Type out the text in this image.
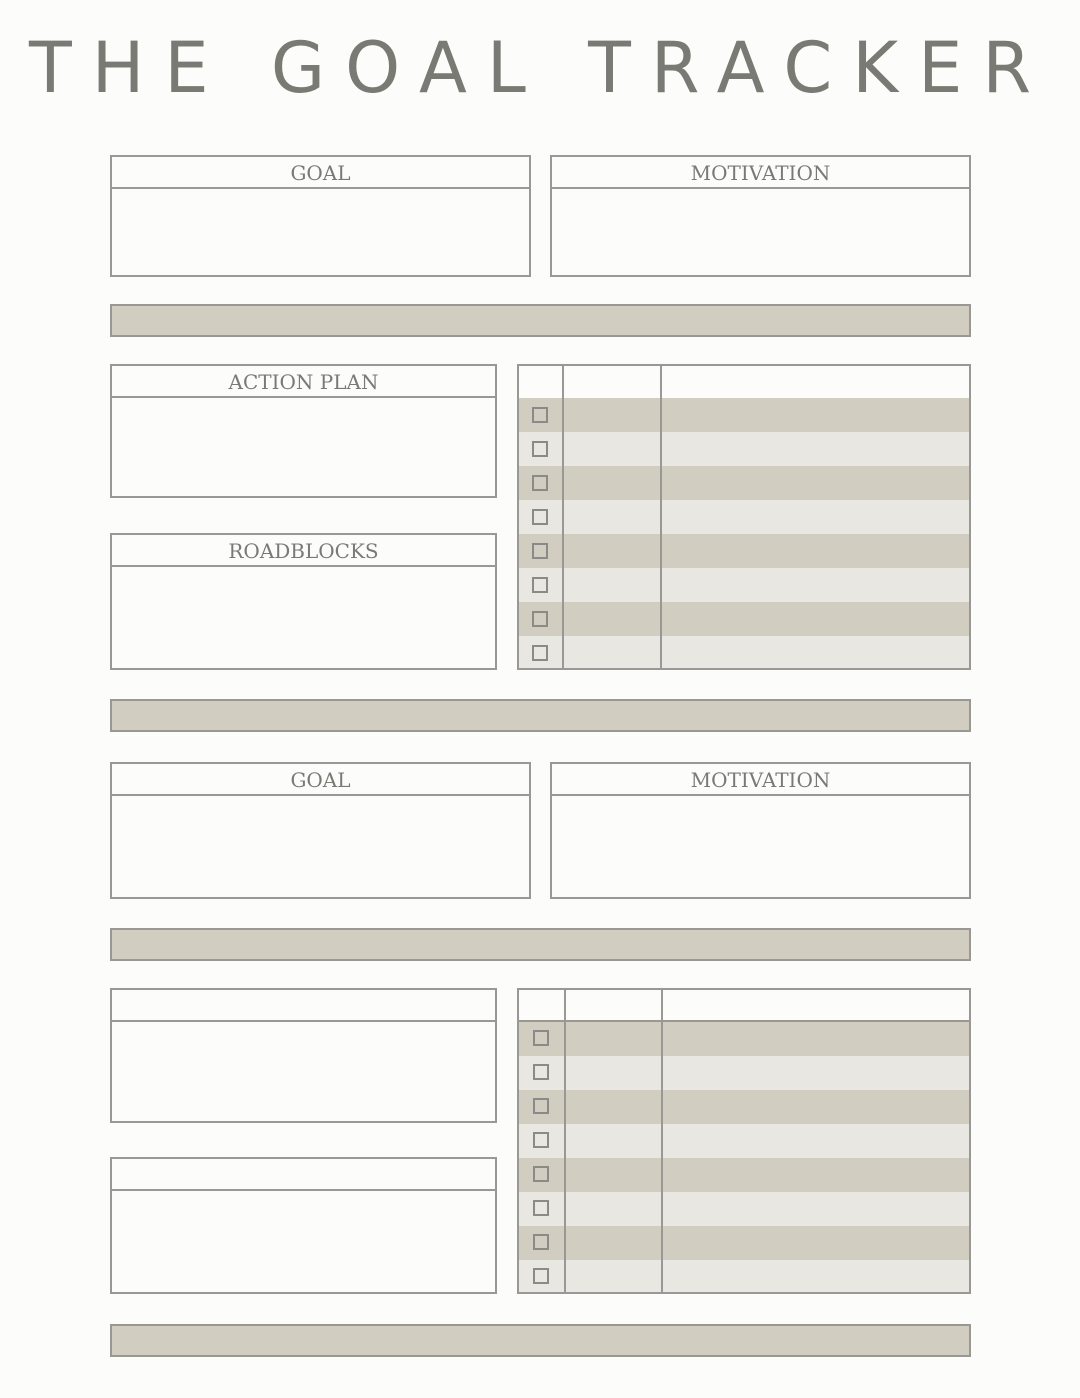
THE GOAL TRACKER
GOAL	MOTIVATION
ACTION PLAN
ROADBLOCKS
GOAL	MOTIVATION
